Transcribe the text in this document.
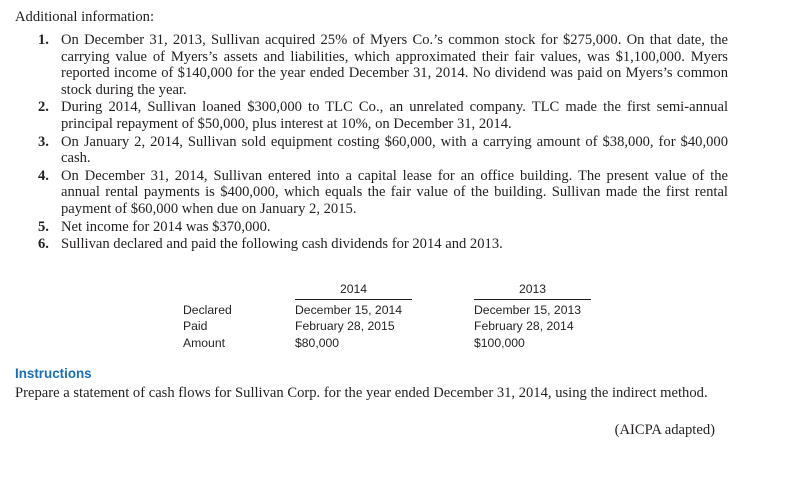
Additional information:
1. On December 31, 2013, Sullivan acquired 25% of Myers Co.’s common stock for $275,000. On that date, the carrying value of Myers’s assets and liabilities, which approximated their fair values, was $1,100,000. Myers reported income of $140,000 for the year ended December 31, 2014. No dividend was paid on Myers’s common stock during the year.
2. During 2014, Sullivan loaned $300,000 to TLC Co., an unrelated company. TLC made the first semi-annual principal repayment of $50,000, plus interest at 10%, on December 31, 2014.
3. On January 2, 2014, Sullivan sold equipment costing $60,000, with a carrying amount of $38,000, for $40,000 cash.
4. On December 31, 2014, Sullivan entered into a capital lease for an office building. The present value of the annual rental payments is $400,000, which equals the fair value of the building. Sullivan made the first rental payment of $60,000 when due on January 2, 2015.
5. Net income for 2014 was $370,000.
6. Sullivan declared and paid the following cash dividends for 2014 and 2013.
2014	2013
Declared
Paid
Amount
December 15, 2014
February 28, 2015
$80,000
December 15, 2013
February 28, 2014
$100,000
Instructions
Prepare a statement of cash flows for Sullivan Corp. for the year ended December 31, 2014, using the indirect method.
(AICPA adapted)
